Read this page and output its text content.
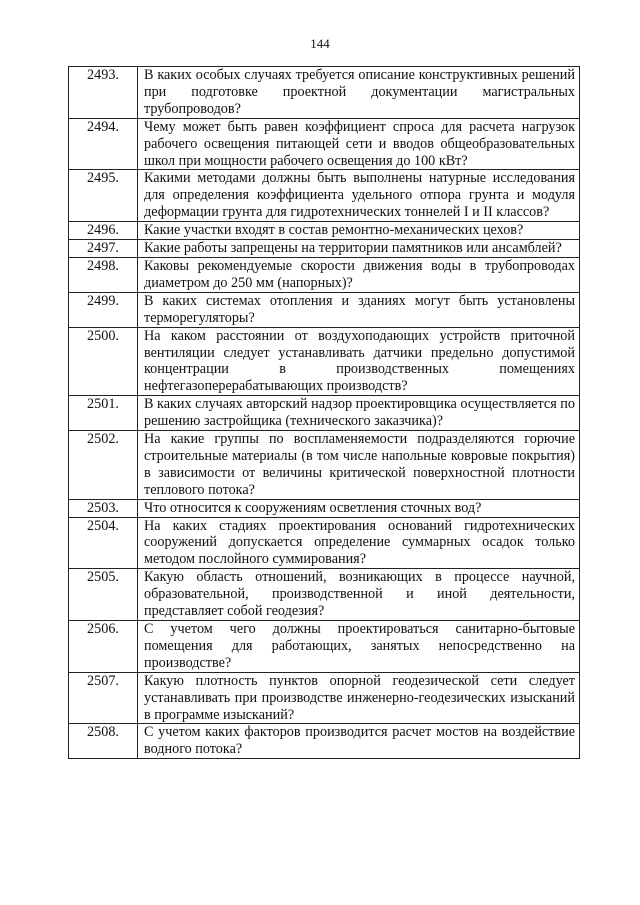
144
2493.	В каких особых случаях требуется описание конструктивных решений при подготовке проектной документации магистральных трубопроводов?
2494.	Чему может быть равен коэффициент спроса для расчета нагрузок рабочего освещения питающей сети и вводов общеобразовательных школ при мощности рабочего освещения до 100 кВт?
2495.	Какими методами должны быть выполнены натурные исследования для определения коэффициента удельного отпора грунта и модуля деформации грунта для гидротехнических тоннелей I и II классов?
2496.	Какие участки входят в состав ремонтно-механических цехов?
2497.	Какие работы запрещены на территории памятников или ансамблей?
2498.	Каковы рекомендуемые скорости движения воды в трубопроводах диаметром до 250 мм (напорных)?
2499.	В каких системах отопления и зданиях могут быть установлены терморегуляторы?
2500.	На каком расстоянии от воздухоподающих устройств приточной вентиляции следует устанавливать датчики предельно допустимой концентрации в производственных помещениях нефтегазоперерабатывающих производств?
2501.	В каких случаях авторский надзор проектировщика осуществляется по решению застройщика (технического заказчика)?
2502.	На какие группы по воспламеняемости подразделяются горючие строительные материалы (в том числе напольные ковровые покрытия) в зависимости от величины критической поверхностной плотности теплового потока?
2503.	Что относится к сооружениям осветления сточных вод?
2504.	На каких стадиях проектирования оснований гидротехнических сооружений допускается определение суммарных осадок только методом послойного суммирования?
2505.	Какую область отношений, возникающих в процессе научной, образовательной, производственной и иной деятельности, представляет собой геодезия?
2506.	С учетом чего должны проектироваться санитарно-бытовые помещения для работающих, занятых непосредственно на производстве?
2507.	Какую плотность пунктов опорной геодезической сети следует устанавливать при производстве инженерно-геодезических изысканий в программе изысканий?
2508.	С учетом каких факторов производится расчет мостов на воздействие водного потока?
